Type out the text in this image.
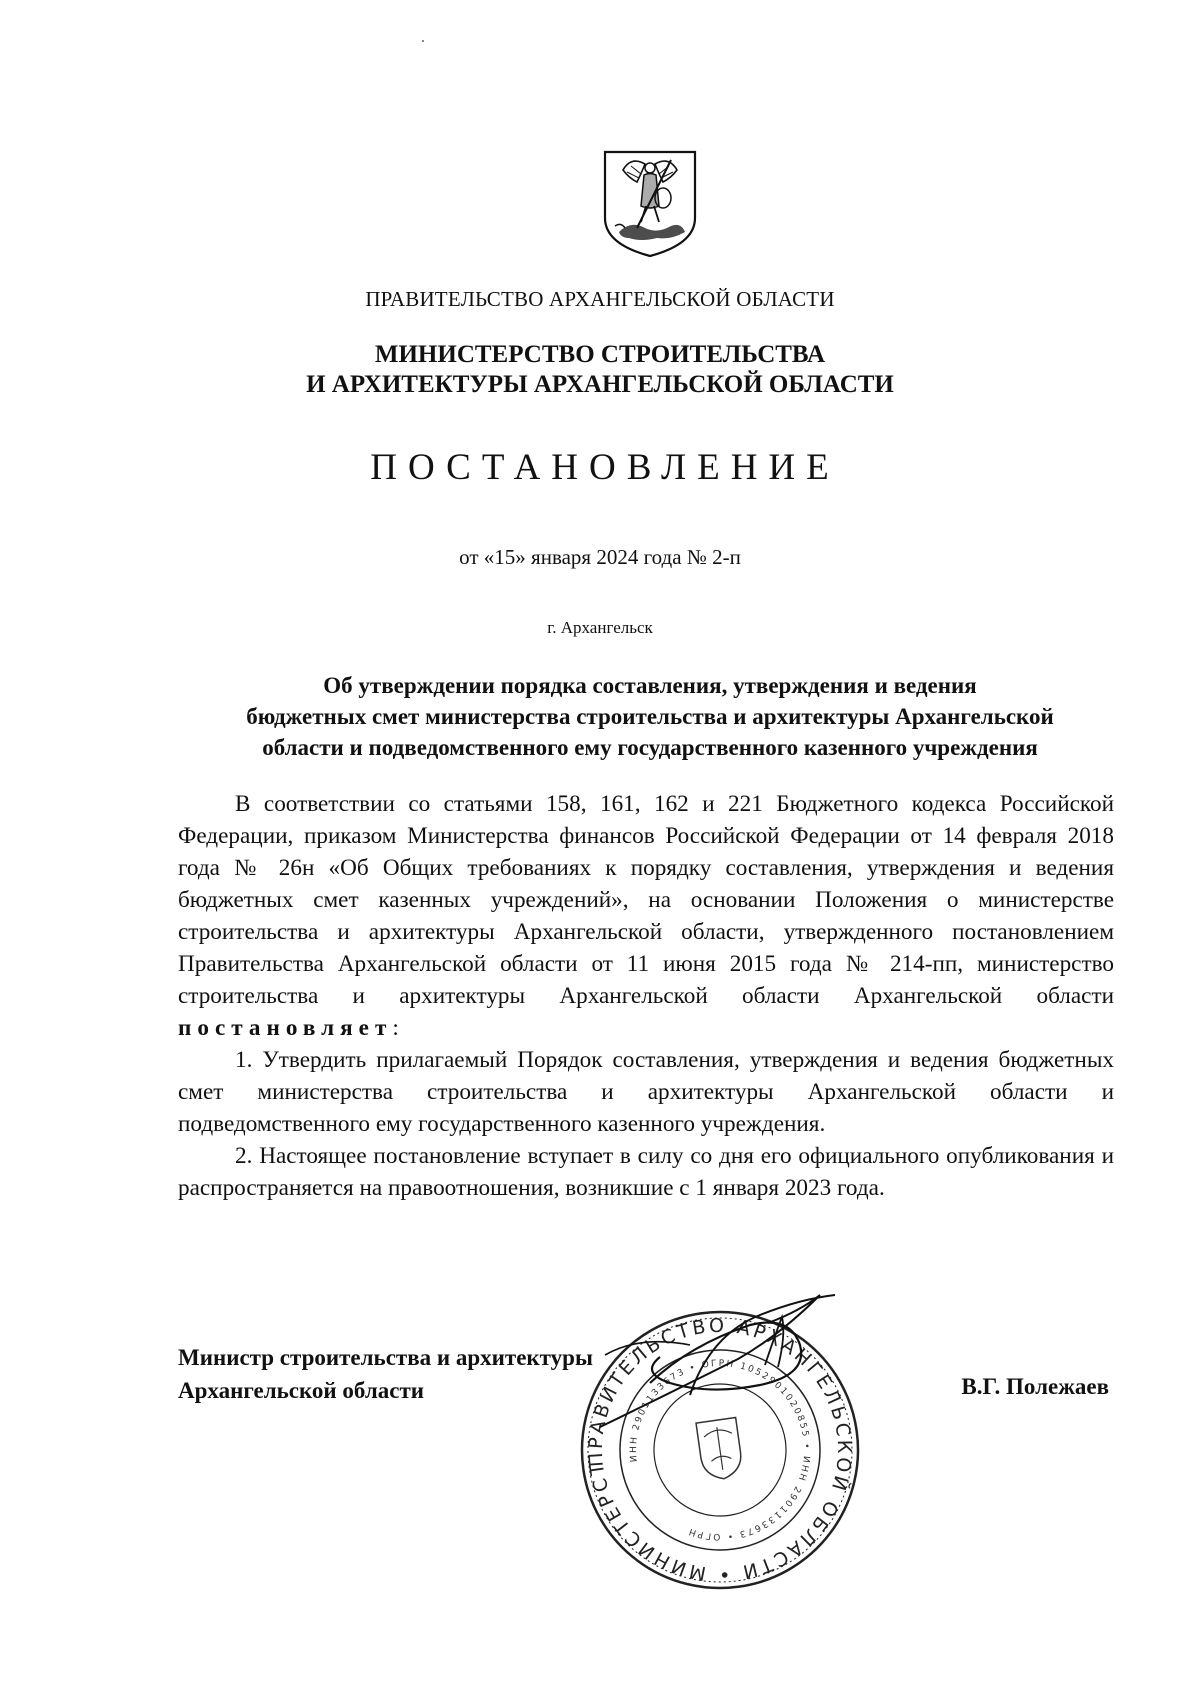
ПРАВИТЕЛЬСТВО АРХАНГЕЛЬСКОЙ ОБЛАСТИ
МИНИСТЕРСТВО СТРОИТЕЛЬСТВА
И АРХИТЕКТУРЫ АРХАНГЕЛЬСКОЙ ОБЛАСТИ
ПОСТАНОВЛЕНИЕ
от «15» января 2024 года № 2-п
г. Архангельск
Об утверждении порядка составления, утверждения и ведения
бюджетных смет министерства строительства и архитектуры Архангельской
области и подведомственного ему государственного казенного учреждения

В соответствии со статьями 158, 161, 162 и 221 Бюджетного кодекса Российской Федерации, приказом Министерства финансов Российской Федерации от 14 февраля 2018 года № 26н «Об Общих требованиях к порядку составления, утверждения и ведения бюджетных смет казенных учреждений», на основании Положения о министерстве строительства и архитектуры Архангельской области, утвержденного постановлением Правительства Архангельской области от 11 июня 2015 года № 214-пп, министерство строительства и архитектуры Архангельской области Архангельской области постановляет:

1. Утвердить прилагаемый Порядок составления, утверждения и ведения бюджетных смет министерства строительства и архитектуры Архангельской области и подведомственного ему государственного казенного учреждения.

2. Настоящее постановление вступает в силу со дня его официального опубликования и распространяется на правоотношения, возникшие с 1 января 2023 года.

Министр строительства и архитектуры
Архангельской области	В.Г. Полежаев
ПРАВИТЕЛЬСТВО АРХАНГЕЛЬСКОЙ ОБЛАСТИ • МИНИСТЕРСТВО
ИНН 2901133673 • ОГРН 1052901020855 • ИНН 2901133673 • ОГРН
